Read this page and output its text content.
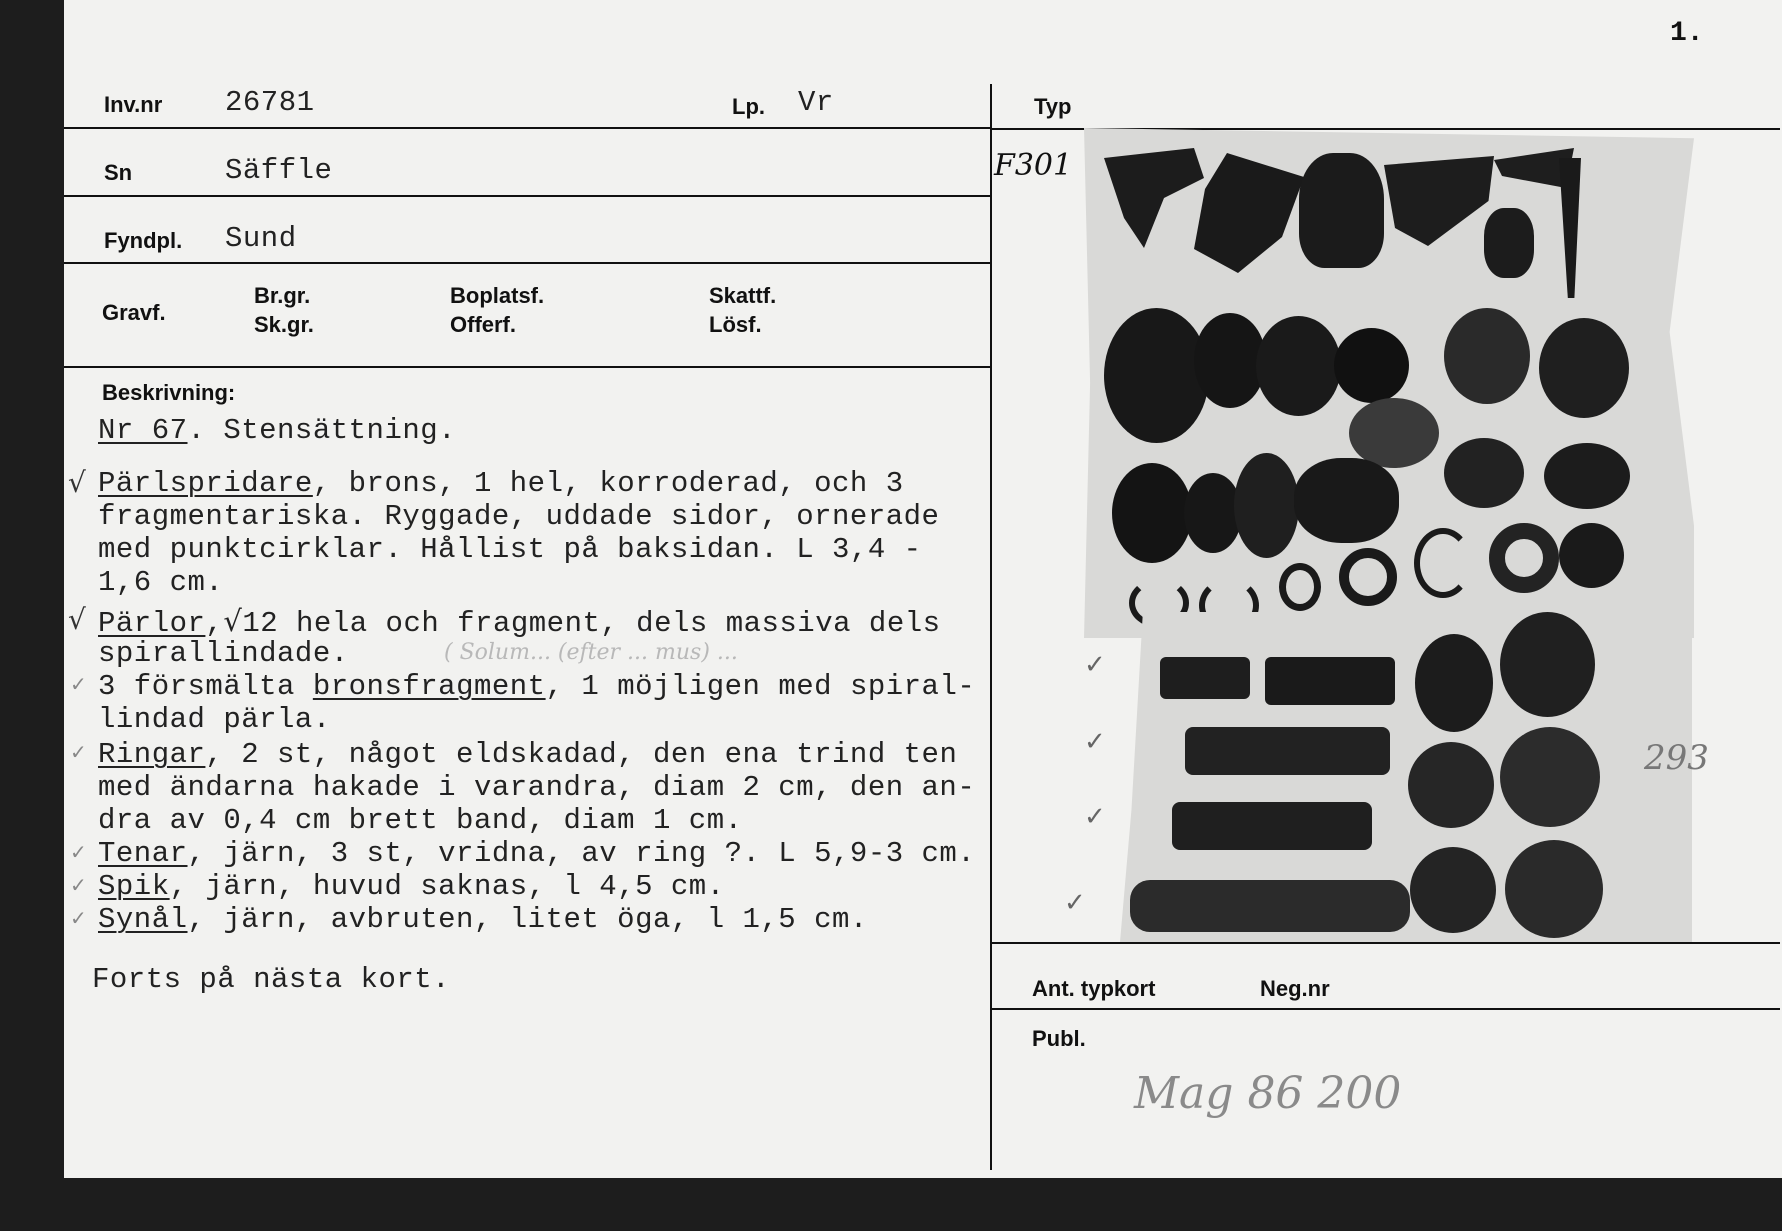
1.
Inv.nr 26781	Lp. Vr	Typ
Sn	Säffle
Fyndpl. Sund
Gravf.
Br.gr.
Sk.gr.
Boplatsf.
Offerf.
Skattf.
Lösf.
Beskrivning:
Nr 67. Stensättning.
√ Pärlspridare, brons, 1 hel, korroderad, och 3
fragmentariska. Ryggade, uddade sidor, ornerade
med punktcirklar. Hållist på baksidan. L 3,4 -
1,6 cm.
√ Pärlor,√12 hela och fragment, dels massiva dels
spirallindade.	( Solum... (efter ... mus) ...
✓ 3 försmälta bronsfragment, 1 möjligen med spiral-
lindad pärla.
✓ Ringar, 2 st, något eldskadad, den ena trind ten
med ändarna hakade i varandra, diam 2 cm, den an-
dra av 0,4 cm brett band, diam 1 cm.
✓ Tenar, järn, 3 st, vridna, av ring ?. L 5,9-3 cm.
✓ Spik, järn, huvud saknas, l 4,5 cm.
✓ Synål, järn, avbruten, litet öga, l 1,5 cm.
Forts på nästa kort.
F301
✓
✓
✓
✓
293
Ant. typkort	Neg.nr
Publ.
Mag 86 200
